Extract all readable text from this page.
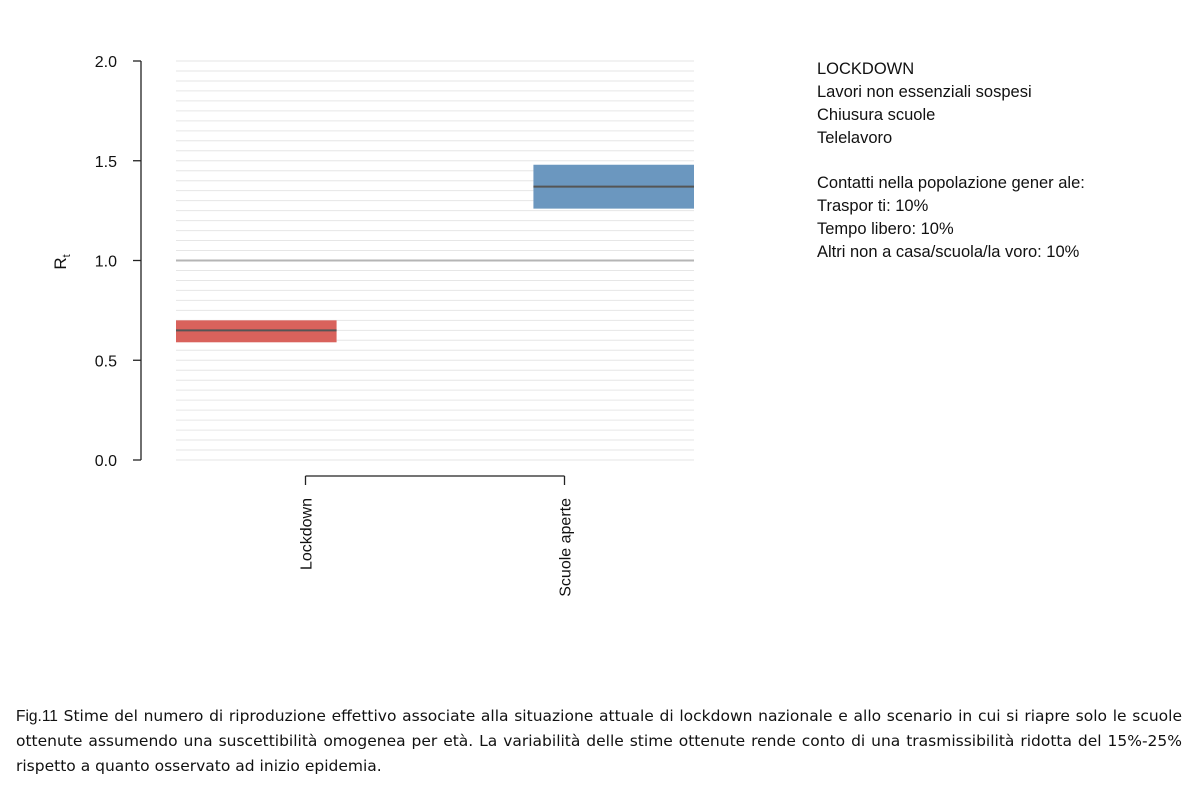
0.0
0.5
1.0
1.5
2.0
Lockdown	Scuole aperte
$R_t$
LOCKDOWN
Lavori non essenziali sospesi
Chiusura scuole
Telelavoro
Contatti nella popolazione gener ale:
Traspor ti: 10%
Tempo libero: 10%
Altri non a casa/scuola/la voro: 10%
Fig.11 Stime del numero di riproduzione effettivo associate alla situazione attuale di lockdown nazionale e allo scenario in cui si riapre solo le scuole ottenute assumendo una suscettibilità omogenea per età. La variabilità delle stime ottenute rende conto di una trasmissibilità ridotta del 15%-25% rispetto a quanto osservato ad inizio epidemia.
